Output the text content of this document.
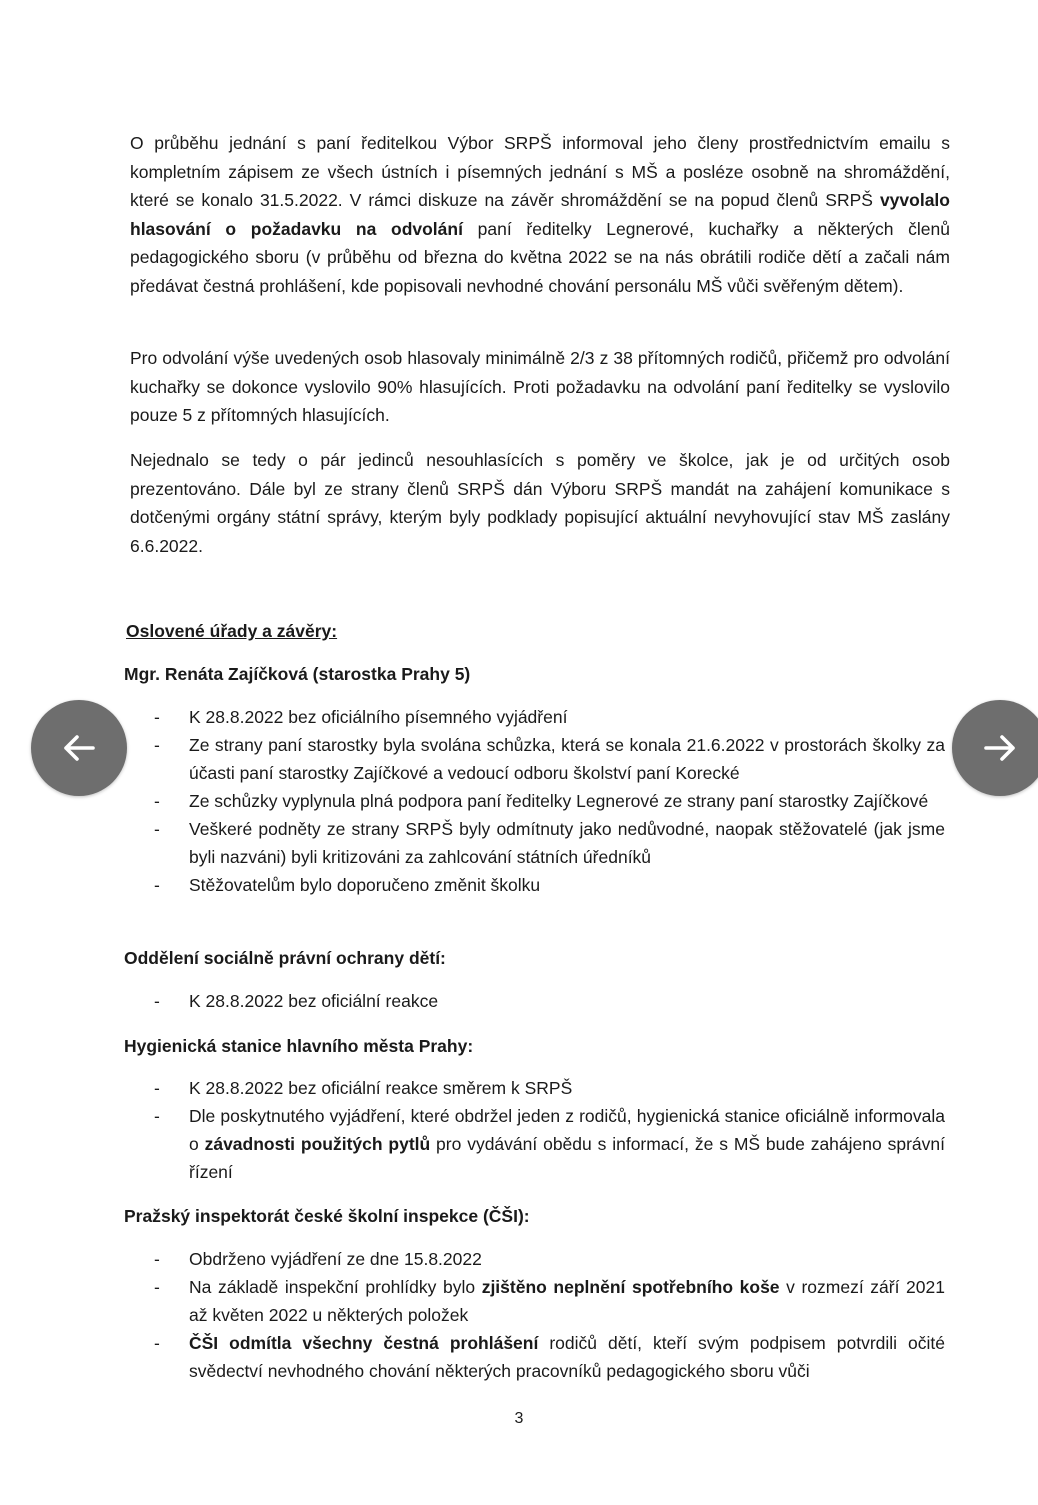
O průběhu jednání s paní ředitelkou Výbor SRPŠ informoval jeho členy prostřednictvím emailu s kompletním zápisem ze všech ústních i písemných jednání s MŠ a posléze osobně na shromáždění, které se konalo 31.5.2022. V rámci diskuze na závěr shromáždění se na popud členů SRPŠ vyvolalo hlasování o požadavku na odvolání paní ředitelky Legnerové, kuchařky a některých členů pedagogického sboru (v průběhu od března do května 2022 se na nás obrátili rodiče dětí a začali nám předávat čestná prohlášení, kde popisovali nevhodné chování personálu MŠ vůči svěřeným dětem).

Pro odvolání výše uvedených osob hlasovaly minimálně 2/3 z 38 přítomných rodičů, přičemž pro odvolání kuchařky se dokonce vyslovilo 90% hlasujících. Proti požadavku na odvolání paní ředitelky se vyslovilo pouze 5 z přítomných hlasujících.

Nejednalo se tedy o pár jedinců nesouhlasících s poměry ve školce, jak je od určitých osob prezentováno. Dále byl ze strany členů SRPŠ dán Výboru SRPŠ mandát na zahájení komunikace s dotčenými orgány státní správy, kterým byly podklady popisující aktuální nevyhovující stav MŠ zaslány 6.6.2022.

Oslovené úřady a závěry:
Mgr. Renáta Zajíčková (starostka Prahy 5)
- K 28.8.2022 bez oficiálního písemného vyjádření
- Ze strany paní starostky byla svolána schůzka, která se konala 21.6.2022 v prostorách školky za účasti paní starostky Zajíčkové a vedoucí odboru školství paní Korecké
- Ze schůzky vyplynula plná podpora paní ředitelky Legnerové ze strany paní starostky Zajíčkové
- Veškeré podněty ze strany SRPŠ byly odmítnuty jako nedůvodné, naopak stěžovatelé (jak jsme byli nazváni) byli kritizováni za zahlcování státních úředníků
- Stěžovatelům bylo doporučeno změnit školku
Oddělení sociálně právní ochrany dětí:
- K 28.8.2022 bez oficiální reakce
Hygienická stanice hlavního města Prahy:
- K 28.8.2022 bez oficiální reakce směrem k SRPŠ
- Dle poskytnutého vyjádření, které obdržel jeden z rodičů, hygienická stanice oficiálně informovala o závadnosti použitých pytlů pro vydávání obědu s informací, že s MŠ bude zahájeno správní řízení
Pražský inspektorát české školní inspekce (ČŠI):
- Obdrženo vyjádření ze dne 15.8.2022
- Na základě inspekční prohlídky bylo zjištěno neplnění spotřebního koše v rozmezí září 2021 až květen 2022 u některých položek
- ČŠI odmítla všechny čestná prohlášení rodičů dětí, kteří svým podpisem potvrdili očité svědectví nevhodného chování některých pracovníků pedagogického sboru vůči
3
